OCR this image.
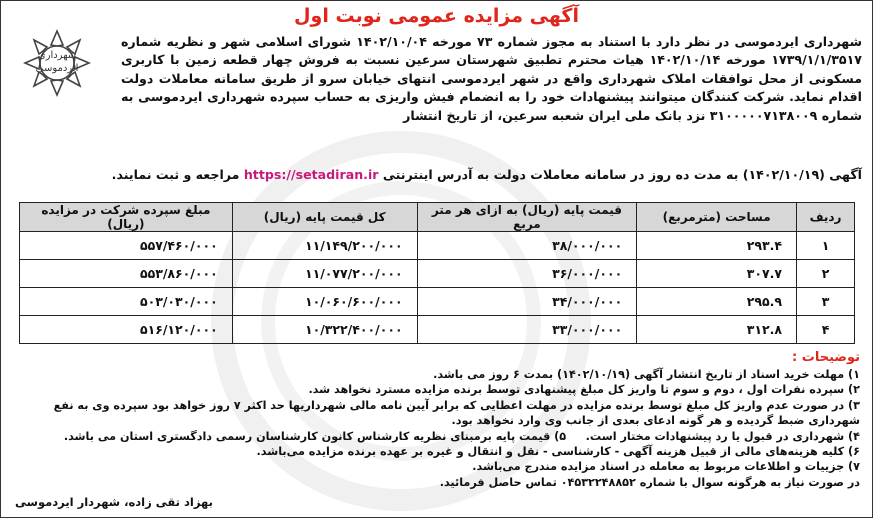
شهرداری
ایردموسی
آگهی مزایده عمومی نوبت اول
شهرداری ایردموسی در نظر دارد با استناد به مجوز شماره ۷۳ مورخه ۱۴۰۲/۱۰/۰۴ شورای اسلامی شهر و نظریه شماره ۱۷۳۹/۱/۱/۳۵۱۷ مورخه ۱۴۰۲/۱۰/۱۴ هیات محترم تطبیق شهرستان سرعین نسبت به فروش چهار قطعه زمین با کاربری مسکونی از محل توافقات املاک شهرداری واقع در شهر ایردموسی انتهای خیابان سرو از طریق سامانه معاملات دولت اقدام نماید. شرکت کنندگان میتوانند پیشنهادات خود را به انضمام فیش واریزی به حساب سپرده شهرداری ایردموسی به شماره ۳۱۰۰۰۰۰۷۱۳۸۰۰۹ نزد بانک ملی ایران شعبه سرعین، از تاریخ انتشار
آگهی (۱۴۰۲/۱۰/۱۹) به مدت ده روز در سامانه معاملات دولت به آدرس اینترنتی https://setadiran.ir مراجعه و ثبت نمایند.
ردیف	مساحت (مترمربع)	قیمت پایه (ریال) به ازای هر متر مربع	کل قیمت پایه (ریال)	مبلغ سپرده شرکت در مزایده (ریال)
۱	۲۹۳.۴	۳۸/۰۰۰/۰۰۰	۱۱/۱۴۹/۲۰۰/۰۰۰	۵۵۷/۴۶۰/۰۰۰
۲	۳۰۷.۷	۳۶/۰۰۰/۰۰۰	۱۱/۰۷۷/۲۰۰/۰۰۰	۵۵۳/۸۶۰/۰۰۰
۳	۲۹۵.۹	۳۴/۰۰۰/۰۰۰	۱۰/۰۶۰/۶۰۰/۰۰۰	۵۰۳/۰۳۰/۰۰۰
۴	۳۱۲.۸	۳۳/۰۰۰/۰۰۰	۱۰/۳۲۲/۴۰۰/۰۰۰	۵۱۶/۱۲۰/۰۰۰
توضیحات :
۱) مهلت خرید اسناد از تاریخ انتشار آگهی (۱۴۰۲/۱۰/۱۹) بمدت ۶ روز می باشد.
۲) سپرده نفرات اول ، دوم و سوم تا واریز کل مبلغ پیشنهادی توسط برنده مزایده مسترد نخواهد شد.
۳) در صورت عدم واریز کل مبلغ توسط برنده مزایده در مهلت اعطایی که برابر آیین نامه مالی شهرداریها حد اکثر ۷ روز خواهد بود سپرده وی به نفع شهرداری ضبط گردیده و هر گونه ادعای بعدی از جانب وی وارد نخواهد بود.
۴) شهرداری در قبول یا رد پیشنهادات مختار است.     ۵) قیمت پایه برمبنای نظریه کارشناس کانون کارشناسان رسمی دادگستری استان می باشد.
۶) کلیه هزینه‌های مالی از قبیل هزینه آگهی - کارشناسی - نقل و انتقال و غیره بر عهده برنده مزایده می‌باشد.
۷) جزییات و اطلاعات مربوط به معامله در اسناد مزایده مندرج می‌باشد.
در صورت نیاز به هرگونه سوال با شماره ۰۴۵۳۲۲۴۸۸۵۲ تماس حاصل فرمائید.
بهزاد تقی زاده، شهردار ایردموسی
